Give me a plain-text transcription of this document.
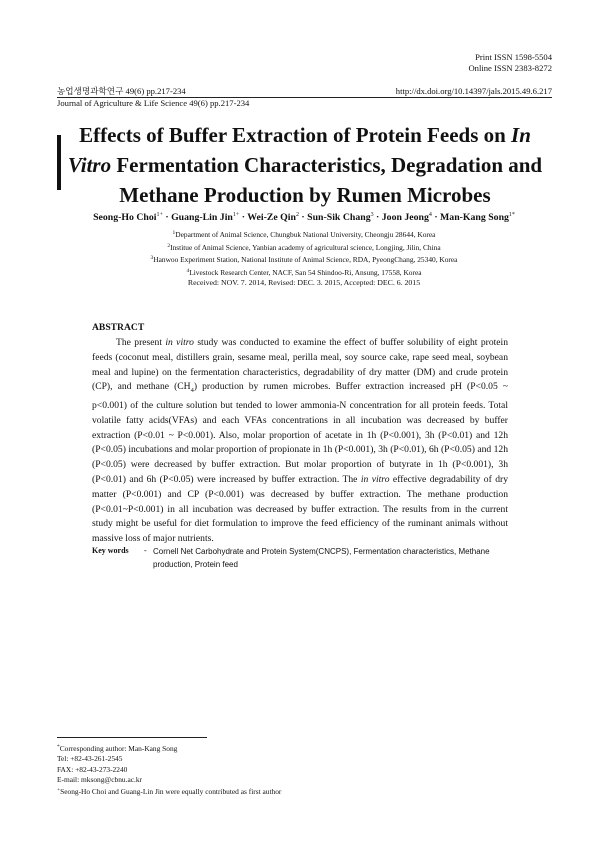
Print ISSN 1598-5504
Online ISSN 2383-8272
농업생명과학연구 49(6) pp.217-234	http://dx.doi.org/10.14397/jals.2015.49.6.217
Journal of Agriculture & Life Science 49(6) pp.217-234
Effects of Buffer Extraction of Protein Feeds on In Vitro Fermentation Characteristics, Degradation and Methane Production by Rumen Microbes
Seong-Ho Choi$^{1+}$ · Guang-Lin Jin$^{1+}$ · Wei-Ze Qin$^2$ · Sun-Sik Chang$^3$ · Joon Jeong$^4$ · Man-Kang Song$^{1*}$
$^1$Department of Animal Science, Chungbuk National University, Cheongju 28644, Korea
$^2$Institue of Animal Science, Yanbian academy of agricultural science, Longjing, Jilin, China
$^3$Hanwoo Experiment Station, National Institute of Animal Science, RDA, PyeongChang, 25340, Korea
$^4$Livestock Research Center, NACF, San 54 Shindoo-Ri, Ansung, 17558, Korea
Received: NOV. 7. 2014, Revised: DEC. 3. 2015, Accepted: DEC. 6. 2015
ABSTRACT

The present in vitro study was conducted to examine the effect of buffer solubility of eight protein feeds (coconut meal, distillers grain, sesame meal, perilla meal, soy source cake, rape seed meal, soybean meal and lupine) on the fermentation characteristics, degradability of dry matter (DM) and crude protein (CP), and methane $(CH_4)$ production by rumen microbes. Buffer extraction increased pH (P<0.05 ~ p<0.001) of the culture solution but tended to lower ammonia-N concentration for all protein feeds. Total volatile fatty acids(VFAs) and each VFAs concentrations in all incubation was decreased by buffer extraction (P<0.01 ~ P<0.001). Also, molar proportion of acetate in 1h (P<0.001), 3h (P<0.01) and 12h (P<0.05) incubations and molar proportion of propionate in 1h (P<0.001), 3h (P<0.01), 6h (P<0.05) and 12h (P<0.05) were decreased by buffer extraction. But molar proportion of butyrate in 1h (P<0.001), 3h (P<0.01) and 6h (P<0.05) were increased by buffer extraction. The in vitro effective degradability of dry matter (P<0.001) and CP (P<0.001) was decreased by buffer extraction. The methane production (P<0.01~P<0.001) in all incubation was decreased by buffer extraction. The results from in the current study might be useful for diet formulation to improve the feed efficiency of the ruminant animals without massive loss of major nutrients.

Key words - Cornell Net Carbohydrate and Protein System(CNCPS), Fermentation characteristics, Methane production, Protein feed
*Corresponding author: Man-Kang Song
Tel: +82-43-261-2545
FAX: +82-43-273-2240
E-mail: mksong@cbnu.ac.kr
+Seong-Ho Choi and Guang-Lin Jin were equally contributed as first author
